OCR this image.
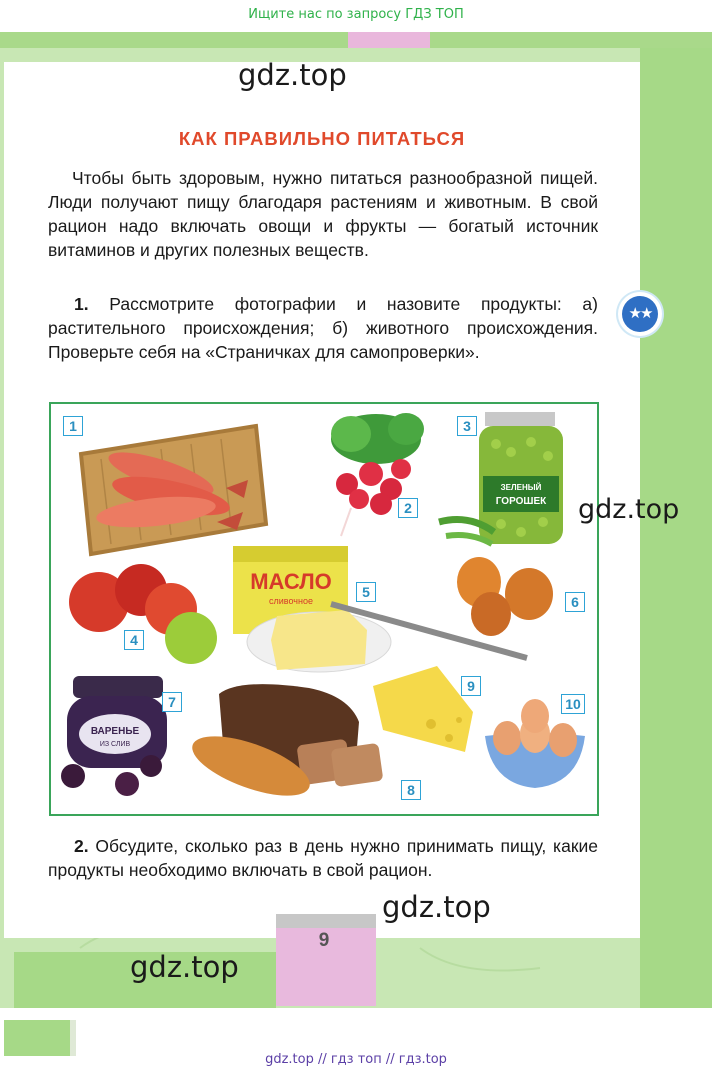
Ищите нас по запросу ГДЗ ТОП
gdz.top
КАК ПРАВИЛЬНО ПИТАТЬСЯ
Чтобы быть здоровым, нужно питаться разнообразной пищей. Люди получают пищу благодаря растениям и животным. В свой рацион надо включать овощи и фрукты — богатый источник витаминов и других полезных веществ.
1. Рассмотрите фотографии и назовите продукты: а) растительного происхождения; б) животного происхождения. Проверьте себя на «Страничках для самопроверки».
★★
ЗЕЛЕНЫЙ
ГОРОШЕК
МАСЛО
сливочное
ВАРЕНЬЕ
ИЗ СЛИВ
1
2
3
4
5
6
7
8
9
10
gdz.top
2. Обсудите, сколько раз в день нужно принимать пищу, какие продукты необходимо включать в свой рацион.
gdz.top
9
gdz.top
gdz.top // гдз топ // гдз.top
